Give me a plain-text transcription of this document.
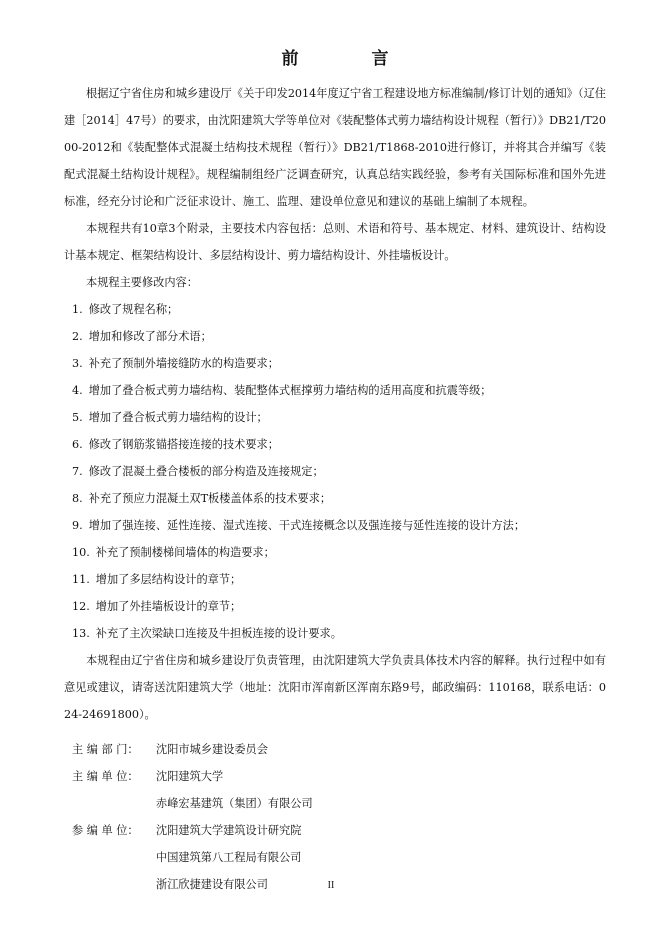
前　言

根据辽宁省住房和城乡建设厅《关于印发2014年度辽宁省工程建设地方标准编制/修订计划的通知》（辽住建［2014］47号）的要求，由沈阳建筑大学等单位对《装配整体式剪力墙结构设计规程（暂行）》DB21/T2000-2012和《装配整体式混凝土结构技术规程（暂行）》DB21/T1868-2010进行修订，并将其合并编写《装配式混凝土结构设计规程》。规程编制组经广泛调查研究，认真总结实践经验，参考有关国际标准和国外先进标准，经充分讨论和广泛征求设计、施工、监理、建设单位意见和建议的基础上编制了本规程。

本规程共有10章3个附录，主要技术内容包括：总则、术语和符号、基本规定、材料、建筑设计、结构设计基本规定、框架结构设计、多层结构设计、剪力墙结构设计、外挂墙板设计。

本规程主要修改内容：

1. 修改了规程名称；
2. 增加和修改了部分术语；
3. 补充了预制外墙接缝防水的构造要求；
4. 增加了叠合板式剪力墙结构、装配整体式框撑剪力墙结构的适用高度和抗震等级；
5. 增加了叠合板式剪力墙结构的设计；
6. 修改了钢筋浆锚搭接连接的技术要求；
7. 修改了混凝土叠合楼板的部分构造及连接规定；
8. 补充了预应力混凝土双T板楼盖体系的技术要求；
9. 增加了强连接、延性连接、湿式连接、干式连接概念以及强连接与延性连接的设计方法；
10. 补充了预制楼梯间墙体的构造要求；
11. 增加了多层结构设计的章节；
12. 增加了外挂墙板设计的章节；
13. 补充了主次梁缺口连接及牛担板连接的设计要求。

本规程由辽宁省住房和城乡建设厅负责管理，由沈阳建筑大学负责具体技术内容的解释。执行过程中如有意见或建议，请寄送沈阳建筑大学（地址：沈阳市浑南新区浑南东路9号，邮政编码：110168，联系电话：024-24691800）。

主 编 部 门：	沈阳市城乡建设委员会
主 编 单 位：	沈阳建筑大学
赤峰宏基建筑（集团）有限公司
参 编 单 位：	沈阳建筑大学建筑设计研究院
中国建筑第八工程局有限公司
浙江欣捷建设有限公司	II
